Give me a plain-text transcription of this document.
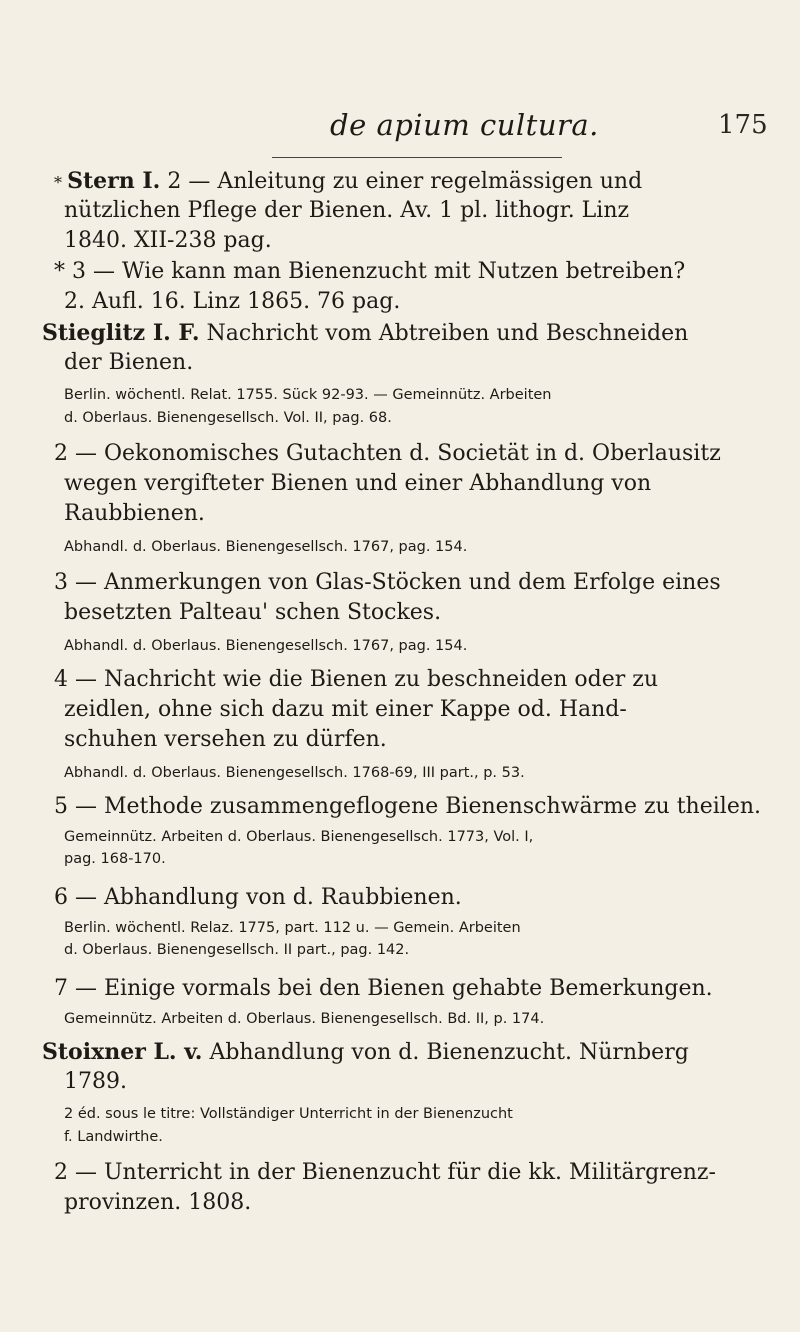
de apium cultura.	175
* Stern I. 2 — Anleitung zu einer regelmässigen und
nützlichen Pflege der Bienen. Av. 1 pl. lithogr. Linz
1840. XII-238 pag.
* 3 — Wie kann man Bienenzucht mit Nutzen betreiben?
2. Aufl. 16. Linz 1865. 76 pag.
Stieglitz I. F. Nachricht vom Abtreiben und Beschneiden
der Bienen.
Berlin. wöchentl. Relat. 1755. Sück 92-93. — Gemeinnütz. Arbeiten
d. Oberlaus. Bienengesellsch. Vol. II, pag. 68.
2 — Oekonomisches Gutachten d. Societät in d. Oberlausitz
wegen vergifteter Bienen und einer Abhandlung von
Raubbienen.
Abhandl. d. Oberlaus. Bienengesellsch. 1767, pag. 154.
3 — Anmerkungen von Glas-Stöcken und dem Erfolge eines
besetzten Palteau' schen Stockes.
Abhandl. d. Oberlaus. Bienengesellsch. 1767, pag. 154.
4 — Nachricht wie die Bienen zu beschneiden oder zu
zeidlen, ohne sich dazu mit einer Kappe od. Hand-
schuhen versehen zu dürfen.
Abhandl. d. Oberlaus. Bienengesellsch. 1768-69, III part., p. 53.
5 — Methode zusammengeflogene Bienenschwärme zu theilen.
Gemeinnütz. Arbeiten d. Oberlaus. Bienengesellsch. 1773, Vol. I,
pag. 168-170.
6 — Abhandlung von d. Raubbienen.
Berlin. wöchentl. Relaz. 1775, part. 112 u. — Gemein. Arbeiten
d. Oberlaus. Bienengesellsch. II part., pag. 142.
7 — Einige vormals bei den Bienen gehabte Bemerkungen.
Gemeinnütz. Arbeiten d. Oberlaus. Bienengesellsch. Bd. II, p. 174.
Stoixner L. v. Abhandlung von d. Bienenzucht. Nürnberg
1789.
2 éd. sous le titre: Vollständiger Unterricht in der Bienenzucht
f. Landwirthe.
2 — Unterricht in der Bienenzucht für die kk. Militärgrenz-
provinzen. 1808.
